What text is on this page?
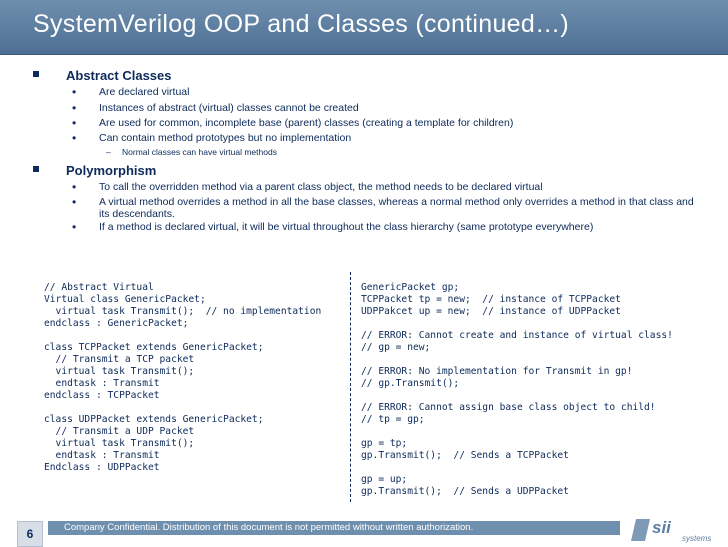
SystemVerilog OOP and Classes (continued…)
Abstract Classes
• Are declared virtual
• Instances of abstract (virtual) classes cannot be created
• Are used for common, incomplete base (parent) classes (creating a template for children)
• Can contain method prototypes but no implementation
– Normal classes can have virtual methods
Polymorphism
• To call the overridden method via a parent class object, the method needs to be declared virtual
• A virtual method overrides a method in all the base classes, whereas a normal method only overrides a method in that class and its descendants.
• If a method is declared virtual, it will be virtual throughout the class hierarchy (same prototype everywhere)
// Abstract Virtual
Virtual class GenericPacket;
virtual task Transmit();  // no implementation
endclass : GenericPacket;

class TCPPacket extends GenericPacket;
// Transmit a TCP packet
virtual task Transmit();
endtask : Transmit
endclass : TCPPacket

class UDPPacket extends GenericPacket;
// Transmit a UDP Packet
virtual task Transmit();
endtask : Transmit
Endclass : UDPPacket
GenericPacket gp;
TCPPacket tp = new;  // instance of TCPPacket
UDPPakcet up = new;  // instance of UDPPacket

// ERROR: Cannot create and instance of virtual class!
// gp = new;

// ERROR: No implementation for Transmit in gp!
// gp.Transmit();

// ERROR: Cannot assign base class object to child!
// tp = gp;

gp = tp;
gp.Transmit();  // Sends a TCPPacket

gp = up;
gp.Transmit();  // Sends a UDPPacket
6	Company Confidential. Distribution of this document is not permitted without written authorization.	sii
systems
